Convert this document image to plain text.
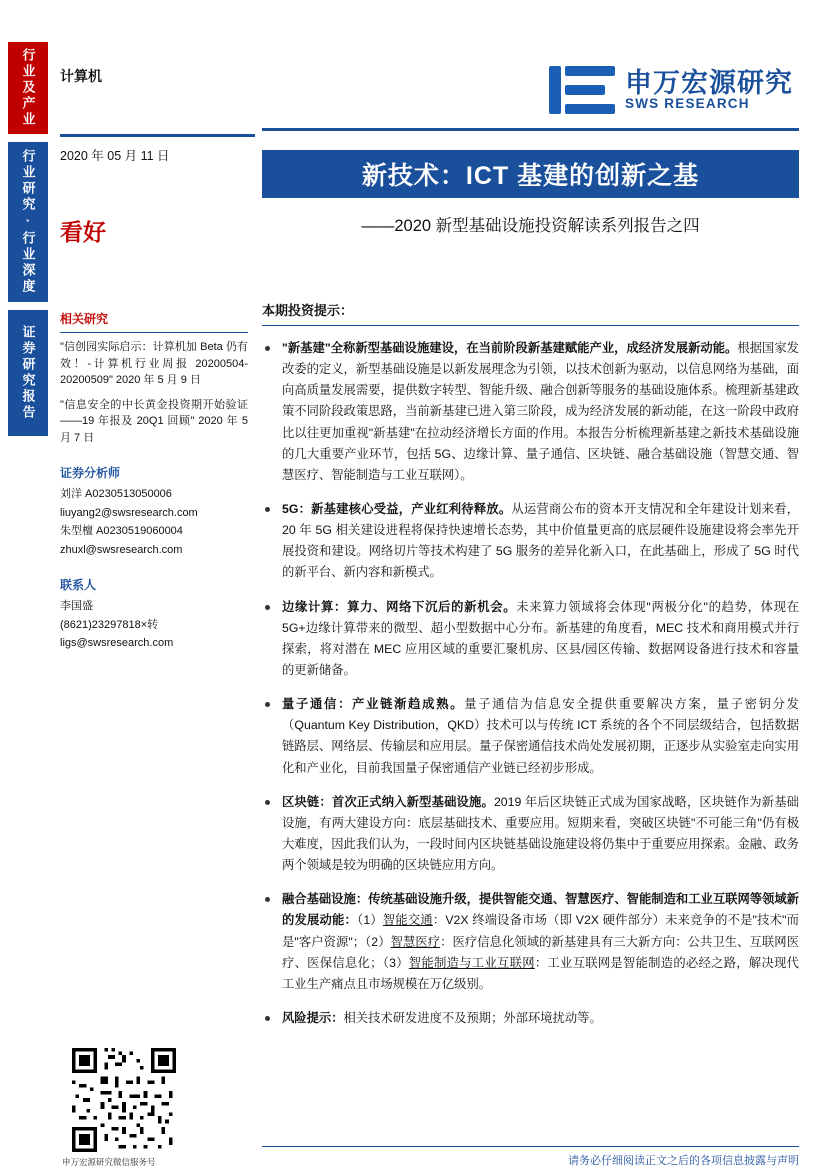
行业及产业
行业研究·行业深度
证券研究报告
计算机
2020 年 05 月 11 日
看好
申万宏源研究
SWS RESEARCH
新技术：ICT 基建的创新之基
——2020 新型基础设施投资解读系列报告之四
相关研究
"信创园实际启示：计算机加 Beta 仍有效！-计算机行业周报 20200504-20200509" 2020 年 5 月 9 日
"信息安全的中长黄金投资期开始验证——19 年报及 20Q1 回顾" 2020 年 5 月 7 日
证券分析师
刘洋 A0230513050006
liuyang2@swsresearch.com
朱型檀 A0230519060004
zhuxl@swsresearch.com
联系人
李国盛
(8621)23297818×转
ligs@swsresearch.com
本期投资提示：
"新基建"全称新型基础设施建设，在当前阶段新基建赋能产业，成经济发展新动能。根据国家发改委的定义，新型基础设施是以新发展理念为引领，以技术创新为驱动，以信息网络为基础，面向高质量发展需要，提供数字转型、智能升级、融合创新等服务的基础设施体系。梳理新基建政策不同阶段政策思路，当前新基建已进入第三阶段，成为经济发展的新动能，在这一阶段中政府比以往更加重视"新基建"在拉动经济增长方面的作用。本报告分析梳理新基建之新技术基础设施的几大重要产业环节，包括 5G、边缘计算、量子通信、区块链、融合基础设施（智慧交通、智慧医疗、智能制造与工业互联网）。
5G：新基建核心受益，产业红利待释放。从运营商公布的资本开支情况和全年建设计划来看，20 年 5G 相关建设进程将保持快速增长态势，其中价值量更高的底层硬件设施建设将会率先开展投资和建设。网络切片等技术构建了 5G 服务的差异化新入口，在此基础上，形成了 5G 时代的新平台、新内容和新模式。
边缘计算：算力、网络下沉后的新机会。未来算力领域将会体现"两极分化"的趋势，体现在 5G+边缘计算带来的微型、超小型数据中心分布。新基建的角度看，MEC 技术和商用模式并行探索，将对潜在 MEC 应用区域的重要汇聚机房、区县/园区传输、数据网设备进行技术和容量的更新储备。
量子通信：产业链渐趋成熟。量子通信为信息安全提供重要解决方案，量子密钥分发（Quantum Key Distribution，QKD）技术可以与传统 ICT 系统的各个不同层级结合，包括数据链路层、网络层、传输层和应用层。量子保密通信技术尚处发展初期，正逐步从实验室走向实用化和产业化，目前我国量子保密通信产业链已经初步形成。
区块链：首次正式纳入新型基础设施。2019 年后区块链正式成为国家战略，区块链作为新基础设施，有两大建设方向：底层基础技术、重要应用。短期来看，突破区块链"不可能三角"仍有极大难度，因此我们认为，一段时间内区块链基础设施建设将仍集中于重要应用探索。金融、政务两个领域是较为明确的区块链应用方向。
融合基础设施：传统基础设施升级，提供智能交通、智慧医疗、智能制造和工业互联网等领域新的发展动能：（1）智能交通：V2X 终端设备市场（即 V2X 硬件部分）未来竞争的不是"技术"而是"客户资源"；（2）智慧医疗：医疗信息化领域的新基建具有三大新方向：公共卫生、互联网医疗、医保信息化；（3）智能制造与工业互联网：工业互联网是智能制造的必经之路，解决现代工业生产痛点且市场规模在万亿级别。
风险提示：相关技术研发进度不及预期；外部环境扰动等。
申万宏源研究微信服务号	请务必仔细阅读正文之后的各项信息披露与声明
